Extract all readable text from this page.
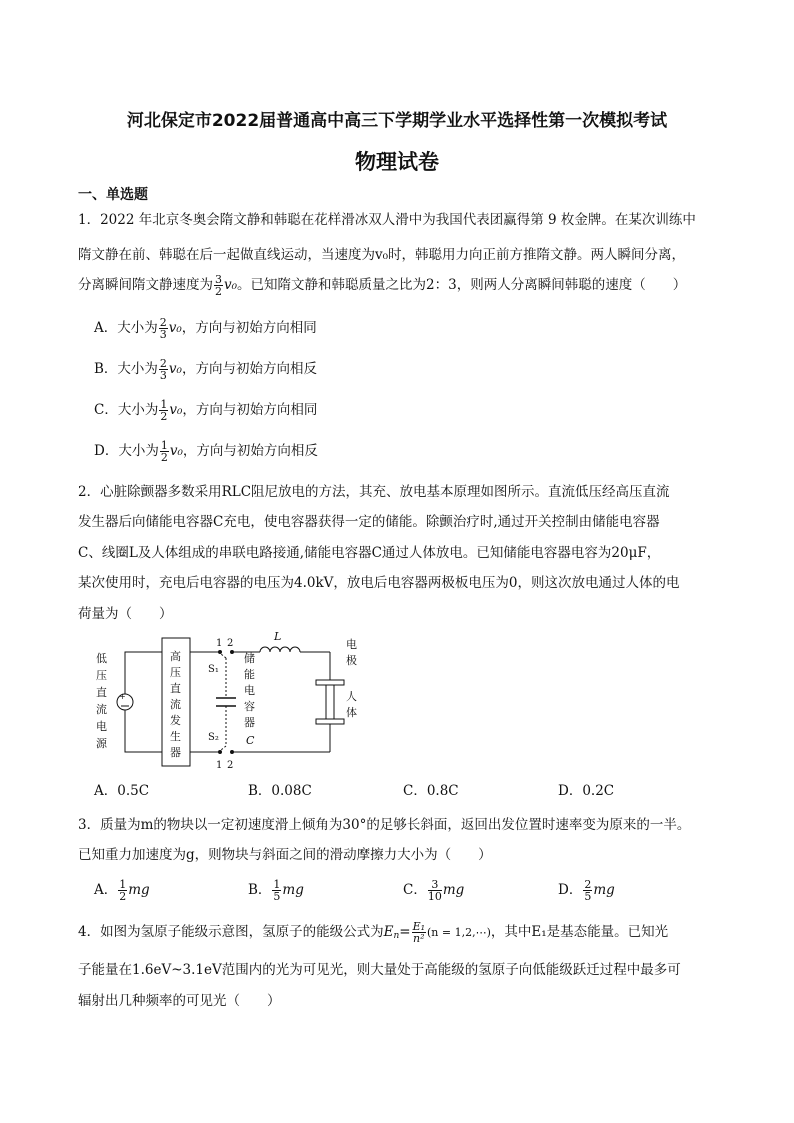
河北保定市2022届普通高中高三下学期学业水平选择性第一次模拟考试
物理试卷
一、单选题
1．2022 年北京冬奥会隋文静和韩聪在花样滑冰双人滑中为我国代表团赢得第 9 枚金牌。在某次训练中
隋文静在前、韩聪在后一起做直线运动，当速度为v₀时，韩聪用力向正前方推隋文静。两人瞬间分离，
分离瞬间隋文静速度为 $\frac{3}{2} v_0$。已知隋文静和韩聪质量之比为2：3，则两人分离瞬间韩聪的速度（　　）
A．大小为 $\frac{2}{3} v_0$，方向与初始方向相同
B．大小为 $\frac{2}{3} v_0$，方向与初始方向相反
C．大小为 $\frac{1}{2} v_0$，方向与初始方向相同
D．大小为 $\frac{1}{2} v_0$，方向与初始方向相反
2．心脏除颤器多数采用RLC阻尼放电的方法，其充、放电基本原理如图所示。直流低压经高压直流
发生器后向储能电容器C充电，使电容器获得一定的储能。除颤治疗时,通过开关控制由储能电容器
C、线圈L及人体组成的串联电路接通,储能电容器C通过人体放电。已知储能电容器电容为20μF，
某次使用时，充电后电容器的电压为4.0kV，放电后电容器两极板电压为0，则这次放电通过人体的电
荷量为（　　）
低
压
直
流
电
源
+
高
压
直
流
发
生
器
1 2
1 2
S₁
S₂
储
能
电
容
器
C
L
电
极
人
体
A．0.5C	B．0.08C	C．0.8C	D．0.2C
3．质量为m的物块以一定初速度滑上倾角为30°的足够长斜面，返回出发位置时速率变为原来的一半。
已知重力加速度为g，则物块与斜面之间的滑动摩擦力大小为（　　）
A． $\frac{1}{2}$ mg	B． $\frac{1}{5}$ mg	C． $\frac{3}{10}$ mg	D． $\frac{2}{5}$ mg
4．如图为氢原子能级示意图，氢原子的能级公式为$E_n= \frac{\text{E₁}}{\text{n²}} (n$ = 1,2,⋯)，其中E₁是基态能量。已知光
子能量在1.6eV~3.1eV范围内的光为可见光，则大量处于高能级的氢原子向低能级跃迁过程中最多可
辐射出几种频率的可见光（　　）
